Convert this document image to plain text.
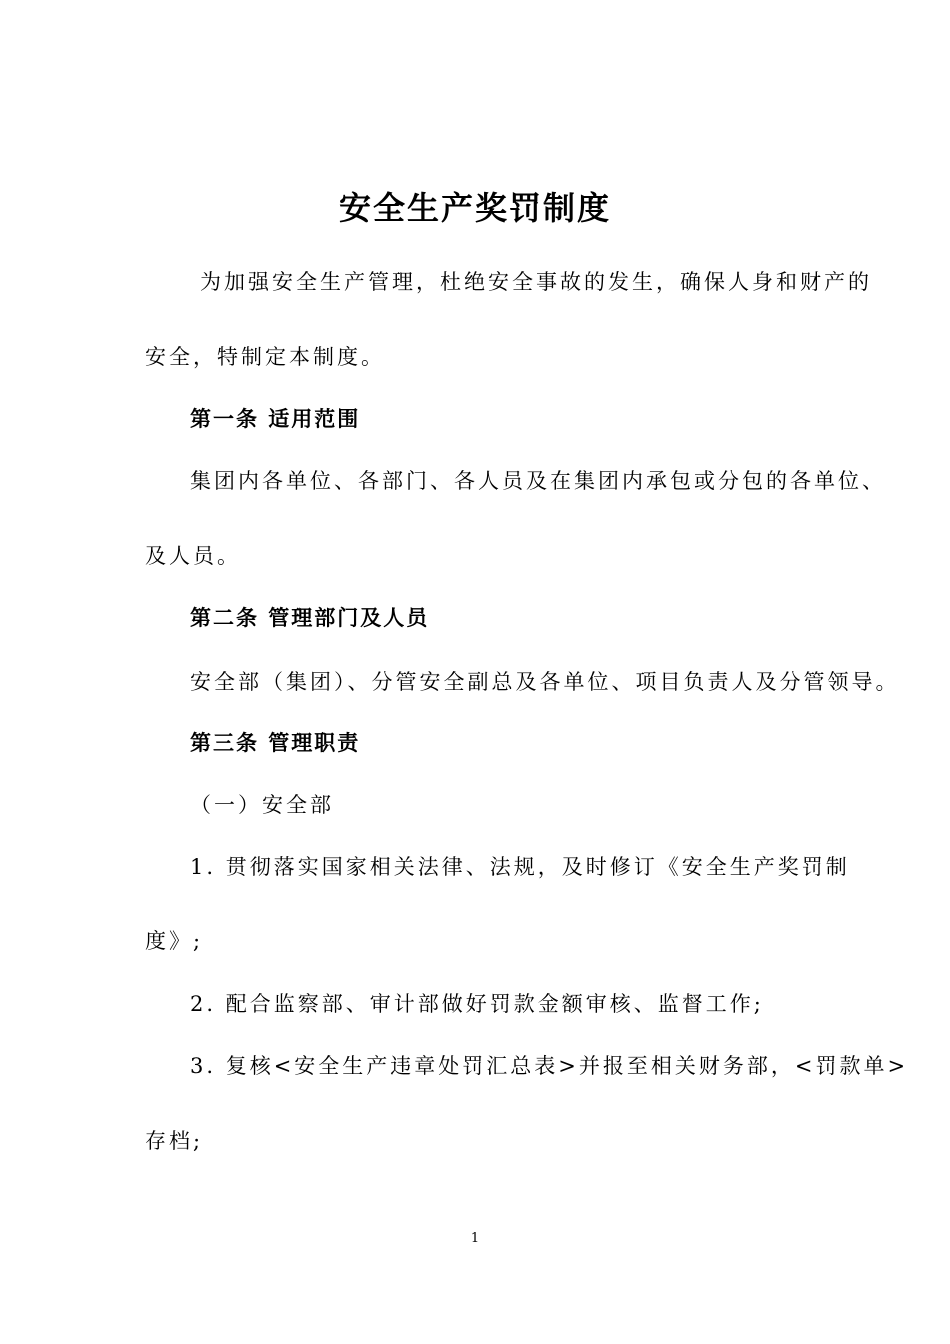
安全生产奖罚制度
为加强安全生产管理，杜绝安全事故的发生，确保人身和财产的
安全，特制定本制度。
第一条 适用范围
集团内各单位、各部门、各人员及在集团内承包或分包的各单位、
及人员。
第二条 管理部门及人员
安全部（集团）、分管安全副总及各单位、项目负责人及分管领导。
第三条 管理职责
（一）安全部
1. 贯彻落实国家相关法律、法规，及时修订《安全生产奖罚制
度》;
2. 配合监察部、审计部做好罚款金额审核、监督工作;
3. 复核<安全生产违章处罚汇总表>并报至相关财务部，<罚款单>
存档;
1
